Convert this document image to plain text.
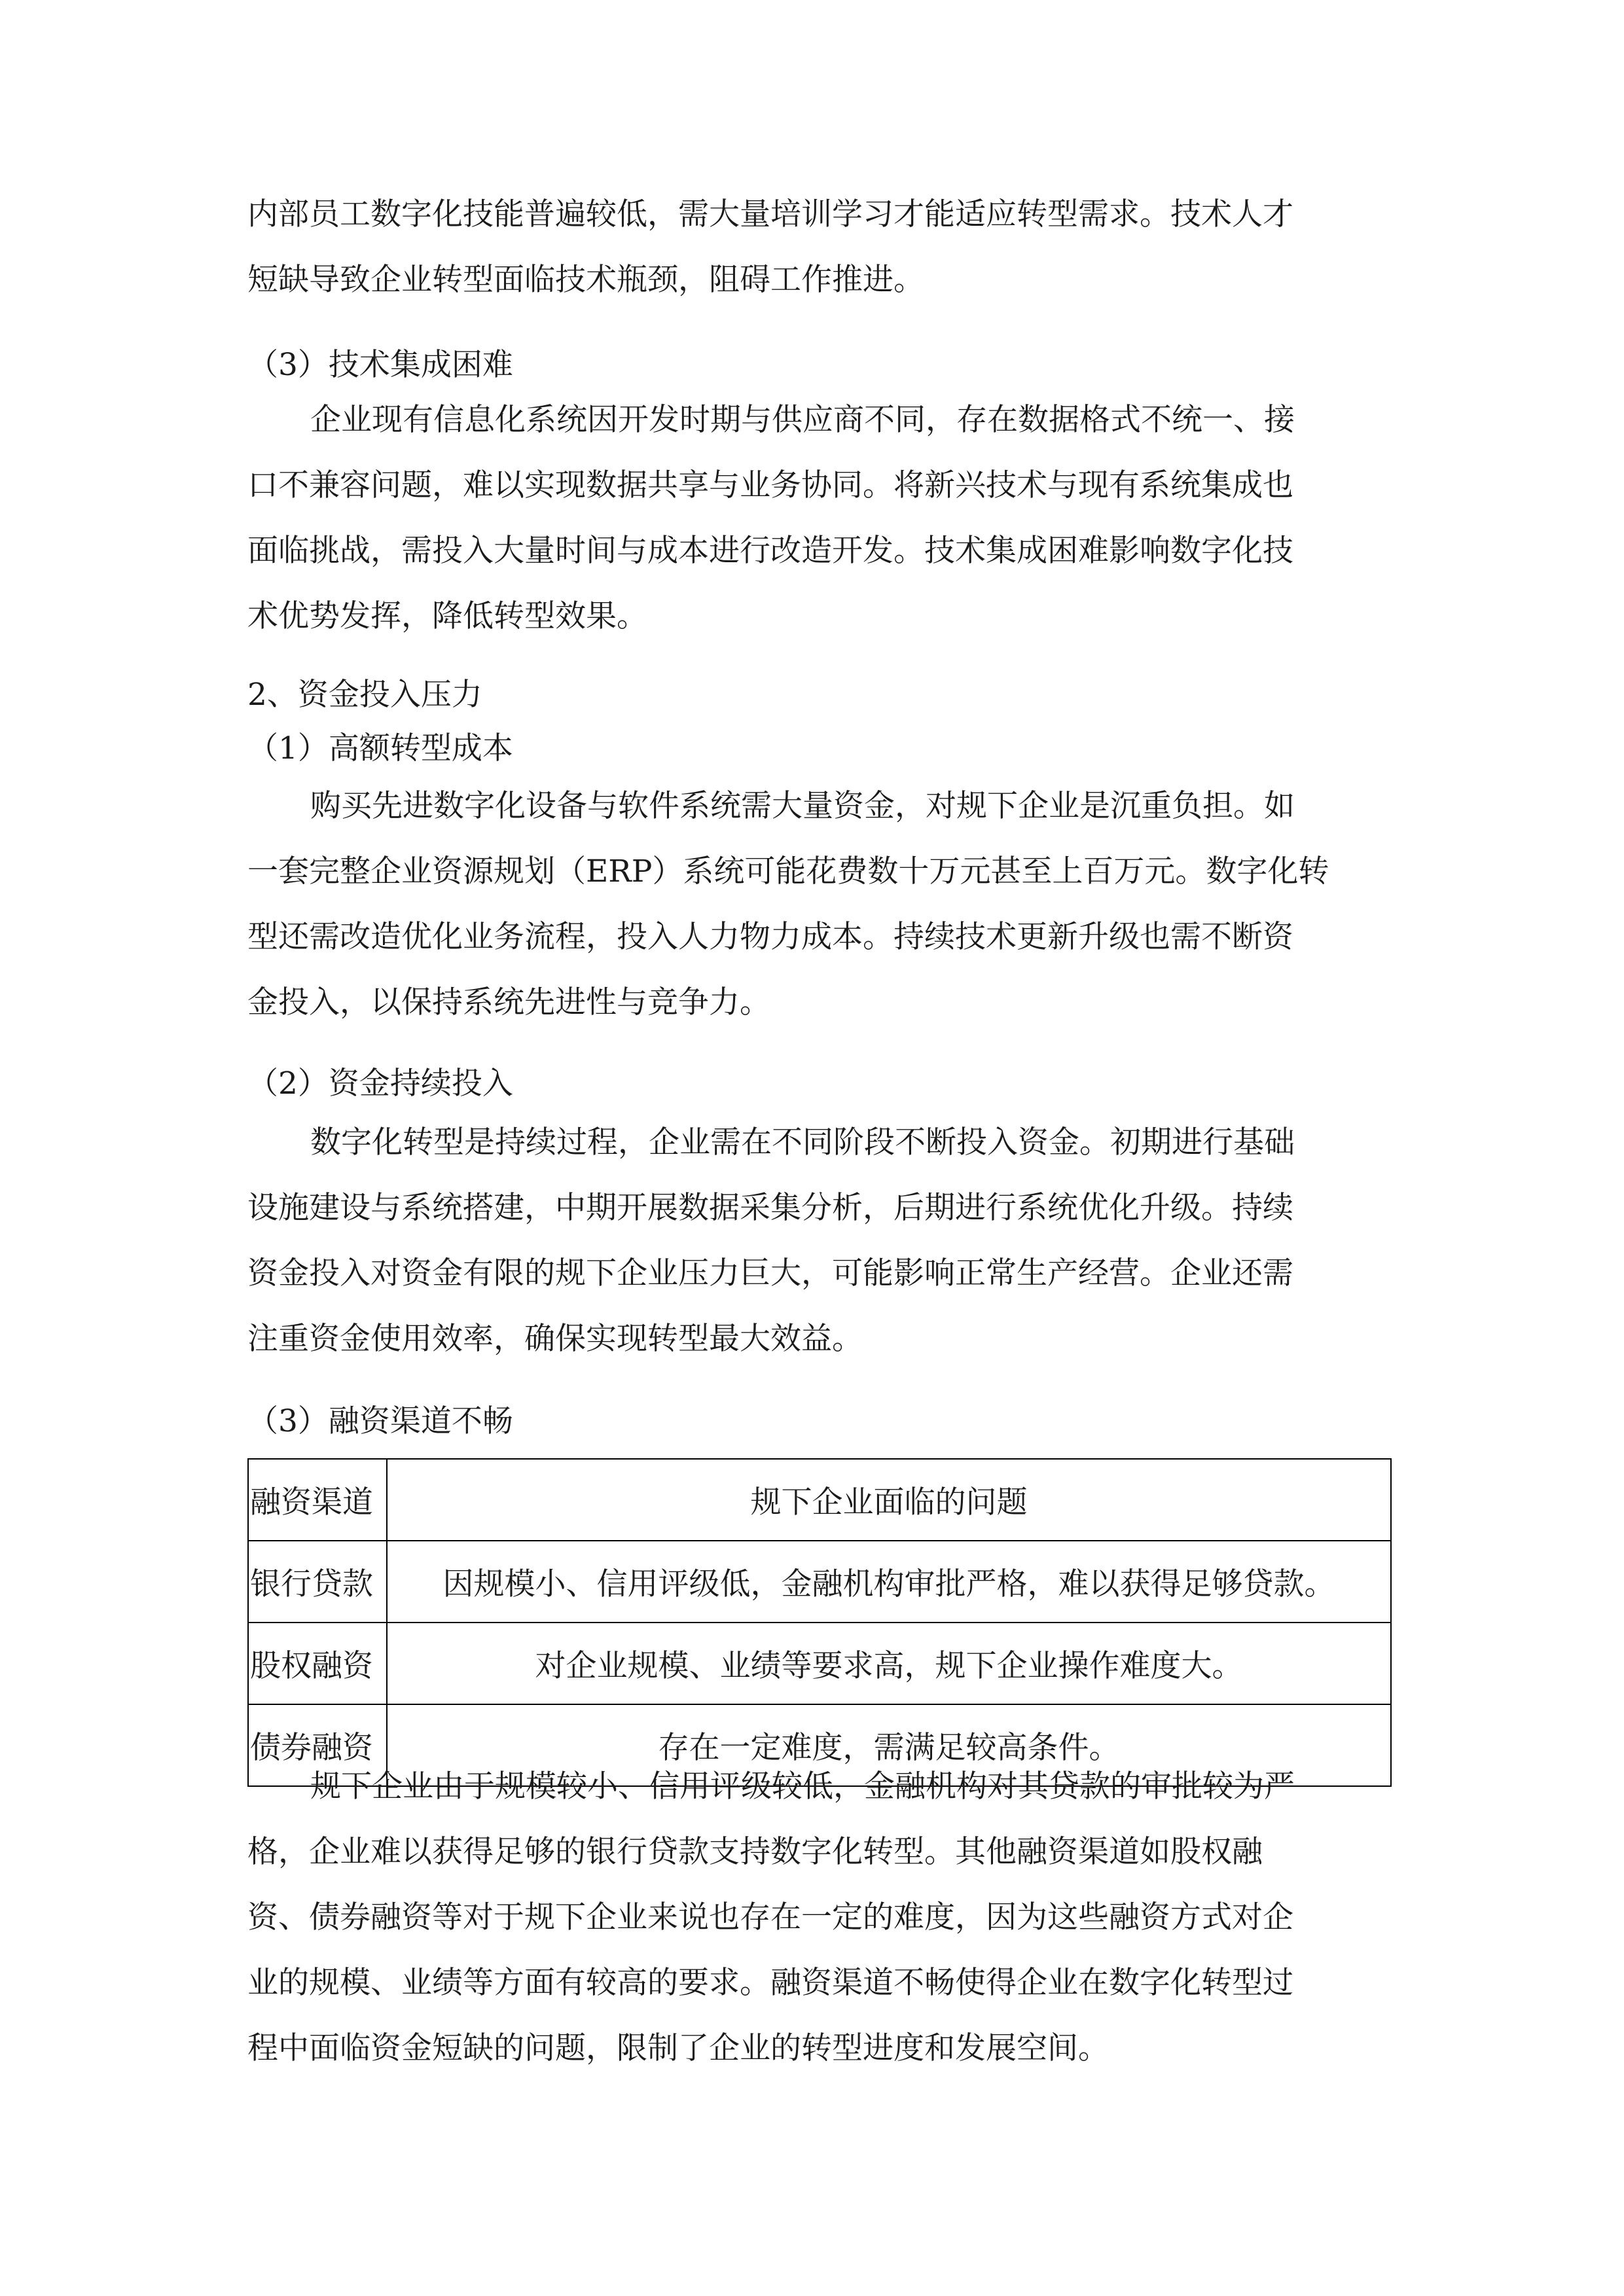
内部员工数字化技能普遍较低，需大量培训学习才能适应转型需求。技术人才
短缺导致企业转型面临技术瓶颈，阻碍工作推进。
（3）技术集成困难
企业现有信息化系统因开发时期与供应商不同，存在数据格式不统一、接
口不兼容问题，难以实现数据共享与业务协同。将新兴技术与现有系统集成也
面临挑战，需投入大量时间与成本进行改造开发。技术集成困难影响数字化技
术优势发挥，降低转型效果。
2、资金投入压力
（1）高额转型成本
购买先进数字化设备与软件系统需大量资金，对规下企业是沉重负担。如
一套完整企业资源规划（ERP）系统可能花费数十万元甚至上百万元。数字化转
型还需改造优化业务流程，投入人力物力成本。持续技术更新升级也需不断资
金投入，以保持系统先进性与竞争力。
（2）资金持续投入
数字化转型是持续过程，企业需在不同阶段不断投入资金。初期进行基础
设施建设与系统搭建，中期开展数据采集分析，后期进行系统优化升级。持续
资金投入对资金有限的规下企业压力巨大，可能影响正常生产经营。企业还需
注重资金使用效率，确保实现转型最大效益。
（3）融资渠道不畅
融资渠道	规下企业面临的问题
银行贷款	因规模小、信用评级低，金融机构审批严格，难以获得足够贷款。
股权融资	对企业规模、业绩等要求高，规下企业操作难度大。
债券融资	存在一定难度，需满足较高条件。
规下企业由于规模较小、信用评级较低，金融机构对其贷款的审批较为严
格，企业难以获得足够的银行贷款支持数字化转型。其他融资渠道如股权融
资、债券融资等对于规下企业来说也存在一定的难度，因为这些融资方式对企
业的规模、业绩等方面有较高的要求。融资渠道不畅使得企业在数字化转型过
程中面临资金短缺的问题，限制了企业的转型进度和发展空间。
